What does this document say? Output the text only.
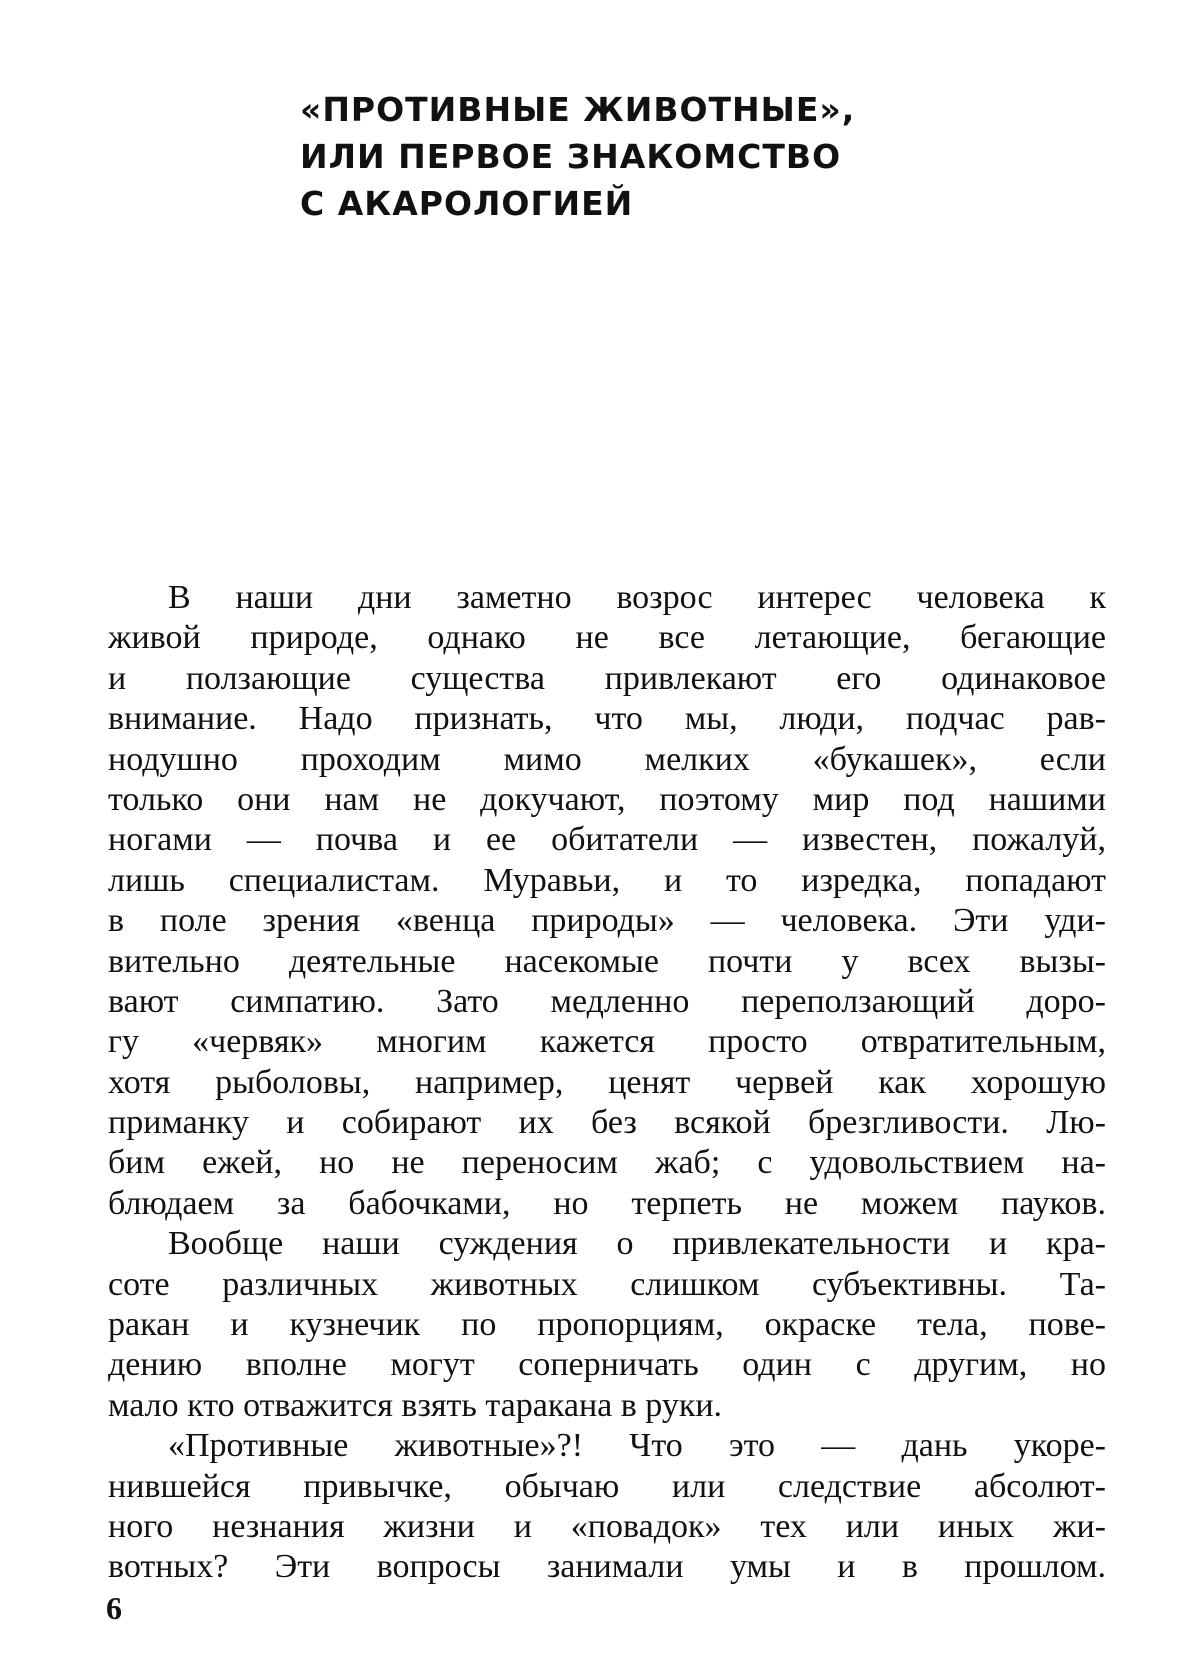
«ПРОТИВНЫЕ ЖИВОТНЫЕ»,
ИЛИ ПЕРВОЕ ЗНАКОМСТВО
С АКАРОЛОГИЕЙ

В наши дни заметно возрос интерес человека к
живой природе, однако не все летающие, бегающие
и ползающие существа привлекают его одинаковое
внимание. Надо признать, что мы, люди, подчас рав-
нодушно проходим мимо мелких «букашек», если
только они нам не докучают, поэтому мир под нашими
ногами — почва и ее обитатели — известен, пожалуй,
лишь специалистам. Муравьи, и то изредка, попадают
в поле зрения «венца природы» — человека. Эти уди-
вительно деятельные насекомые почти у всех вызы-
вают симпатию. Зато медленно переползающий доро-
гу «червяк» многим кажется просто отвратительным,
хотя рыболовы, например, ценят червей как хорошую
приманку и собирают их без всякой брезгливости. Лю-
бим ежей, но не переносим жаб; с удовольствием на-
блюдаем за бабочками, но терпеть не можем пауков.

Вообще наши суждения о привлекательности и кра-
соте различных животных слишком субъективны. Та-
ракан и кузнечик по пропорциям, окраске тела, пове-
дению вполне могут соперничать один с другим, но
мало кто отважится взять таракана в руки.

«Противные животные»?! Что это — дань укоре-
нившейся привычке, обычаю или следствие абсолют-
ного незнания жизни и «повадок» тех или иных жи-
вотных? Эти вопросы занимали умы и в прошлом.

6
